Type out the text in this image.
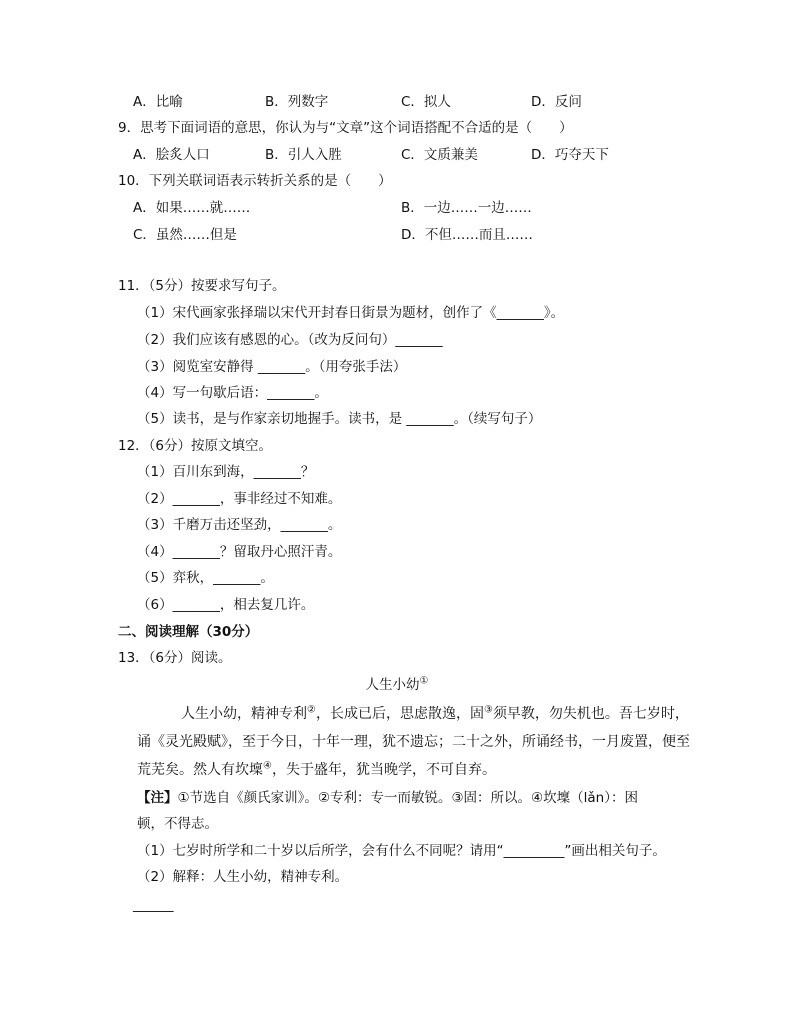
A．比喻	B．列数字	C．拟人	D．反问
9．思考下面词语的意思，你认为与“文章”这个词语搭配不合适的是（　　）
A．脍炙人口	B．引人入胜	C．文质兼美	D．巧夺天下
10．下列关联词语表示转折关系的是（　　）
A．如果……就……	B．一边……一边……
C．虽然……但是	D．不但……而且……
11．（5分）按要求写句子。
（1）宋代画家张择瑞以宋代开封春日街景为题材，创作了《_______》。
（2）我们应该有感恩的心。（改为反问句）_______
（3）阅览室安静得 _______。（用夸张手法）
（4）写一句歇后语：_______。
（5）读书，是与作家亲切地握手。读书，是 _______。（续写句子）
12．（6分）按原文填空。
（1）百川东到海，_______？
（2）_______，事非经过不知难。
（3）千磨万击还坚劲，_______。
（4）_______？留取丹心照汗青。
（5）弈秋，_______。
（6）_______，相去复几许。
二、阅读理解（30分）
13．（6分）阅读。
人生小幼①
人生小幼，精神专利②，长成已后，思虑散逸，固③须早教，勿失机也。吾七岁时，
诵《灵光殿赋》，至于今日，十年一理，犹不遗忘；二十之外，所诵经书，一月废置，便至
荒芜矣。然人有坎壈④，失于盛年，犹当晚学，不可自弃。
【注】①节选自《颜氏家训》。②专利：专一而敏锐。③固：所以。④坎壈（lǎn）：困
顿，不得志。
（1）七岁时所学和二十岁以后所学，会有什么不同呢？请用“_________”画出相关句子。
（2）解释：人生小幼，精神专利。
______
